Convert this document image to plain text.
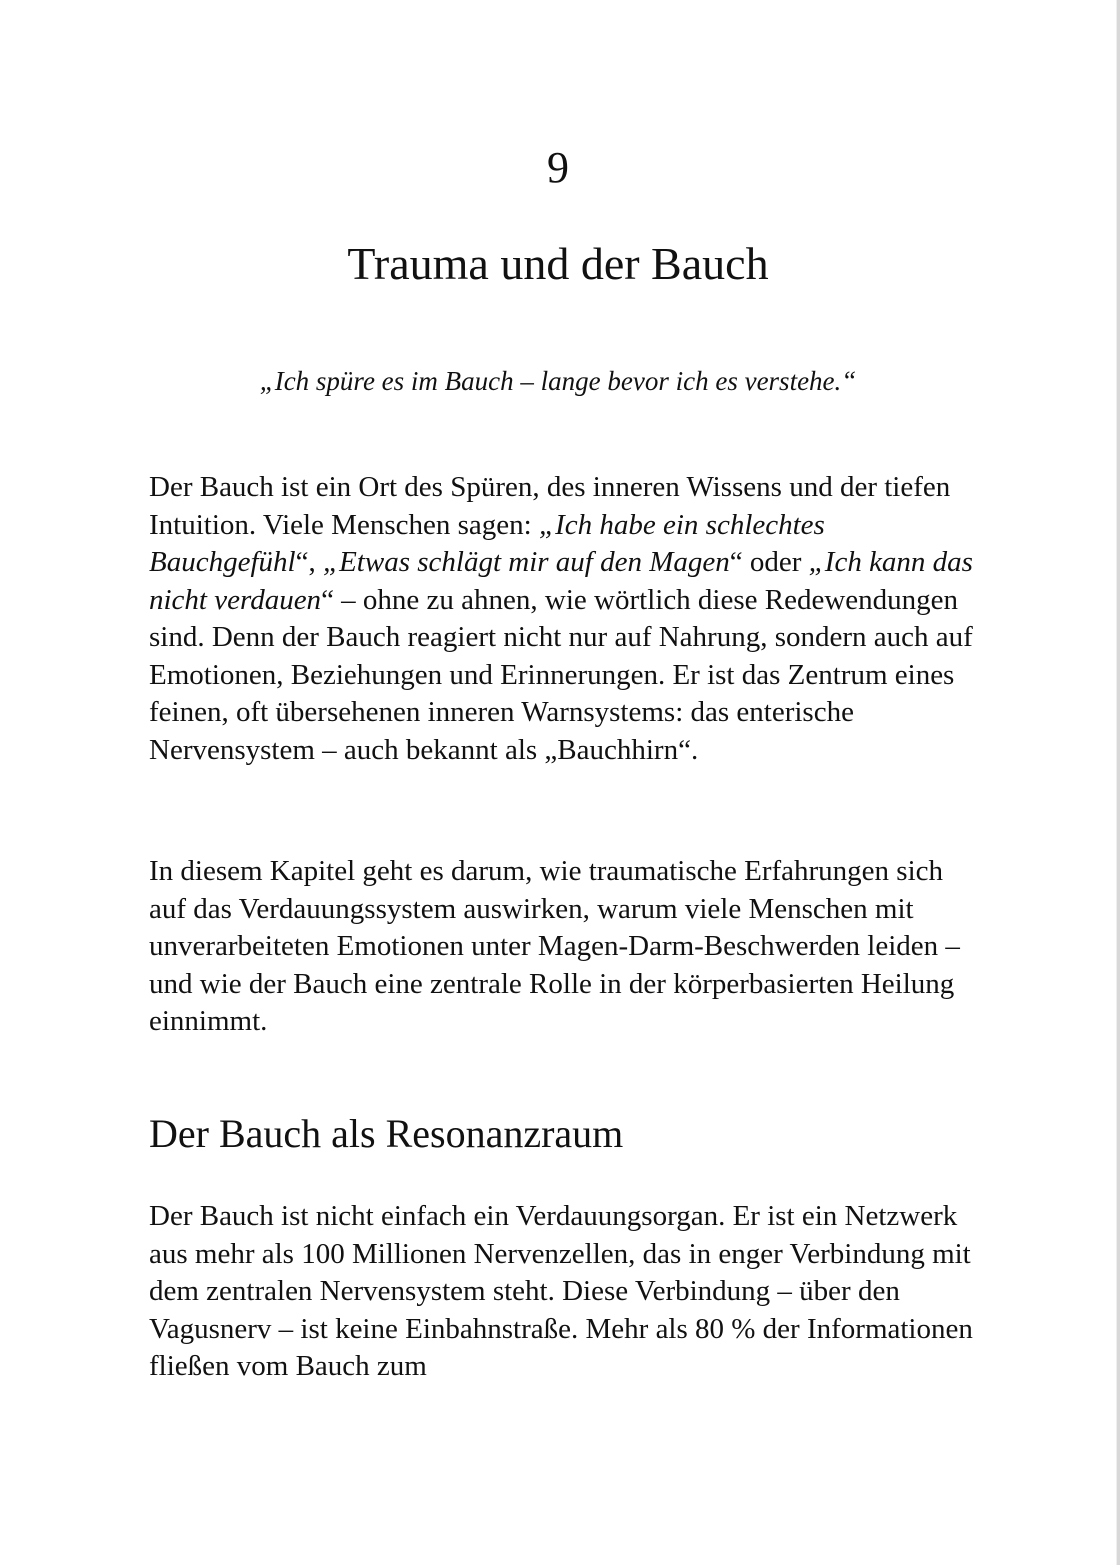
9
Trauma und der Bauch
„Ich spüre es im Bauch – lange bevor ich es verstehe.“

Der Bauch ist ein Ort des Spüren, des inneren Wissens und der tiefen Intuition. Viele Menschen sagen: „Ich habe ein schlechtes Bauchgefühl“, „Etwas schlägt mir auf den Magen“ oder „Ich kann das nicht verdauen“ – ohne zu ahnen, wie wörtlich diese Redewendungen sind. Denn der Bauch reagiert nicht nur auf Nahrung, sondern auch auf Emotionen, Beziehungen und Erinnerungen. Er ist das Zentrum eines feinen, oft übersehenen inneren Warnsystems: das enterische Nervensystem – auch bekannt als „Bauchhirn“.

In diesem Kapitel geht es darum, wie traumatische Erfahrungen sich auf das Verdauungssystem auswirken, warum viele Menschen mit unverarbeiteten Emotionen unter Magen-Darm-Beschwerden leiden – und wie der Bauch eine zentrale Rolle in der körperbasierten Heilung einnimmt.

Der Bauch als Resonanzraum

Der Bauch ist nicht einfach ein Verdauungsorgan. Er ist ein Netzwerk aus mehr als 100 Millionen Nervenzellen, das in enger Verbindung mit dem zentralen Nervensystem steht. Diese Verbindung – über den Vagusnerv – ist keine Einbahnstraße. Mehr als 80 % der Informationen fließen vom Bauch zum
